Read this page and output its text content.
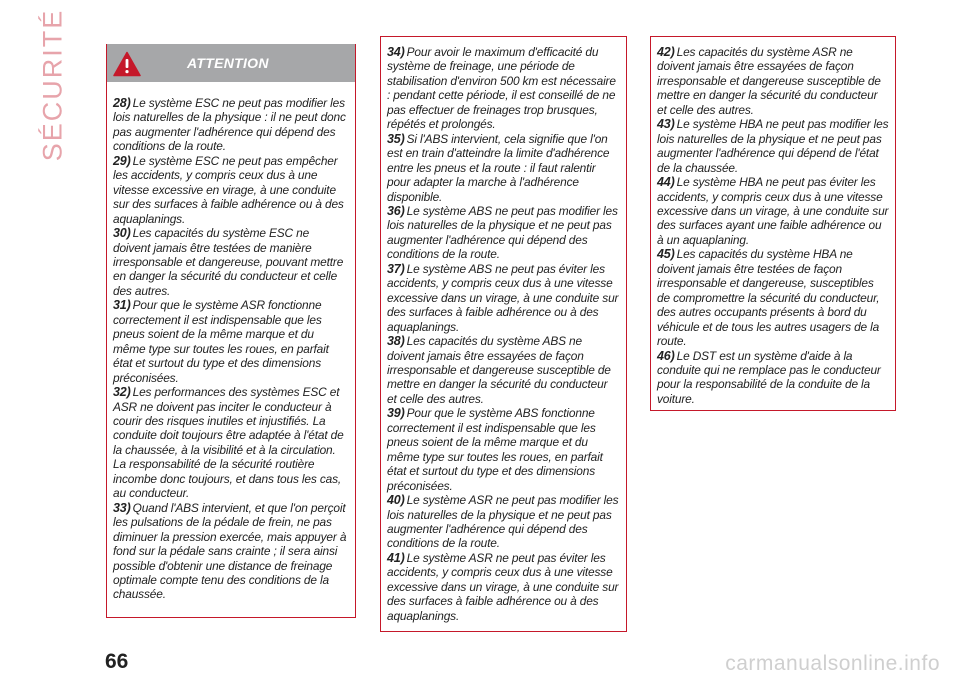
SÉCURITÉ	ATTENTION

28) Le système ESC ne peut pas modifier les lois naturelles de la physique : il ne peut donc pas augmenter l'adhérence qui dépend des conditions de la route.

29) Le système ESC ne peut pas empêcher les accidents, y compris ceux dus à une vitesse excessive en virage, à une conduite sur des surfaces à faible adhérence ou à des aquaplanings.

30) Les capacités du système ESC ne doivent jamais être testées de manière irresponsable et dangereuse, pouvant mettre en danger la sécurité du conducteur et celle des autres.

31) Pour que le système ASR fonctionne correctement il est indispensable que les pneus soient de la même marque et du même type sur toutes les roues, en parfait état et surtout du type et des dimensions préconisées.

32) Les performances des systèmes ESC et ASR ne doivent pas inciter le conducteur à courir des risques inutiles et injustifiés. La conduite doit toujours être adaptée à l'état de la chaussée, à la visibilité et à la circulation. La responsabilité de la sécurité routière incombe donc toujours, et dans tous les cas, au conducteur.

33) Quand l'ABS intervient, et que l'on perçoit les pulsations de la pédale de frein, ne pas diminuer la pression exercée, mais appuyer à fond sur la pédale sans crainte ; il sera ainsi possible d'obtenir une distance de freinage optimale compte tenu des conditions de la chaussée.

34) Pour avoir le maximum d'efficacité du système de freinage, une période de stabilisation d'environ 500 km est nécessaire : pendant cette période, il est conseillé de ne pas effectuer de freinages trop brusques, répétés et prolongés.

35) Si l'ABS intervient, cela signifie que l'on est en train d'atteindre la limite d'adhérence entre les pneus et la route : il faut ralentir pour adapter la marche à l'adhérence disponible.

36) Le système ABS ne peut pas modifier les lois naturelles de la physique et ne peut pas augmenter l'adhérence qui dépend des conditions de la route.

37) Le système ABS ne peut pas éviter les accidents, y compris ceux dus à une vitesse excessive dans un virage, à une conduite sur des surfaces à faible adhérence ou à des aquaplanings.

38) Les capacités du système ABS ne doivent jamais être essayées de façon irresponsable et dangereuse susceptible de mettre en danger la sécurité du conducteur et celle des autres.

39) Pour que le système ABS fonctionne correctement il est indispensable que les pneus soient de la même marque et du même type sur toutes les roues, en parfait état et surtout du type et des dimensions préconisées.

40) Le système ASR ne peut pas modifier les lois naturelles de la physique et ne peut pas augmenter l'adhérence qui dépend des conditions de la route.

41) Le système ASR ne peut pas éviter les accidents, y compris ceux dus à une vitesse excessive dans un virage, à une conduite sur des surfaces à faible adhérence ou à des aquaplanings.

42) Les capacités du système ASR ne doivent jamais être essayées de façon irresponsable et dangereuse susceptible de mettre en danger la sécurité du conducteur et celle des autres.

43) Le système HBA ne peut pas modifier les lois naturelles de la physique et ne peut pas augmenter l'adhérence qui dépend de l'état de la chaussée.

44) Le système HBA ne peut pas éviter les accidents, y compris ceux dus à une vitesse excessive dans un virage, à une conduite sur des surfaces ayant une faible adhérence ou à un aquaplaning.

45) Les capacités du système HBA ne doivent jamais être testées de façon irresponsable et dangereuse, susceptibles de compromettre la sécurité du conducteur, des autres occupants présents à bord du véhicule et de tous les autres usagers de la route.

46) Le DST est un système d'aide à la conduite qui ne remplace pas le conducteur pour la responsabilité de la conduite de la voiture.

66	carmanualsonline.info
